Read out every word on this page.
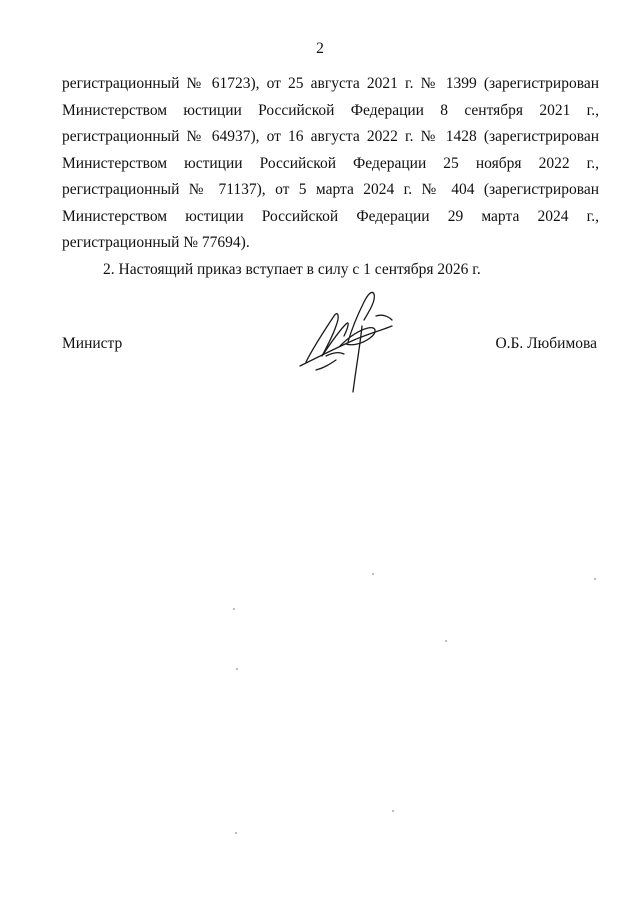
2
регистрационный № 61723), от 25 августа 2021 г. № 1399 (зарегистрирован
Министерством юстиции Российской Федерации 8 сентября 2021 г.,
регистрационный № 64937), от 16 августа 2022 г. № 1428 (зарегистрирован
Министерством юстиции Российской Федерации 25 ноября 2022 г.,
регистрационный № 71137), от 5 марта 2024 г. № 404 (зарегистрирован
Министерством юстиции Российской Федерации 29 марта 2024 г.,
регистрационный № 77694).
2. Настоящий приказ вступает в силу с 1 сентября 2026 г.
Министр	О.Б. Любимова
